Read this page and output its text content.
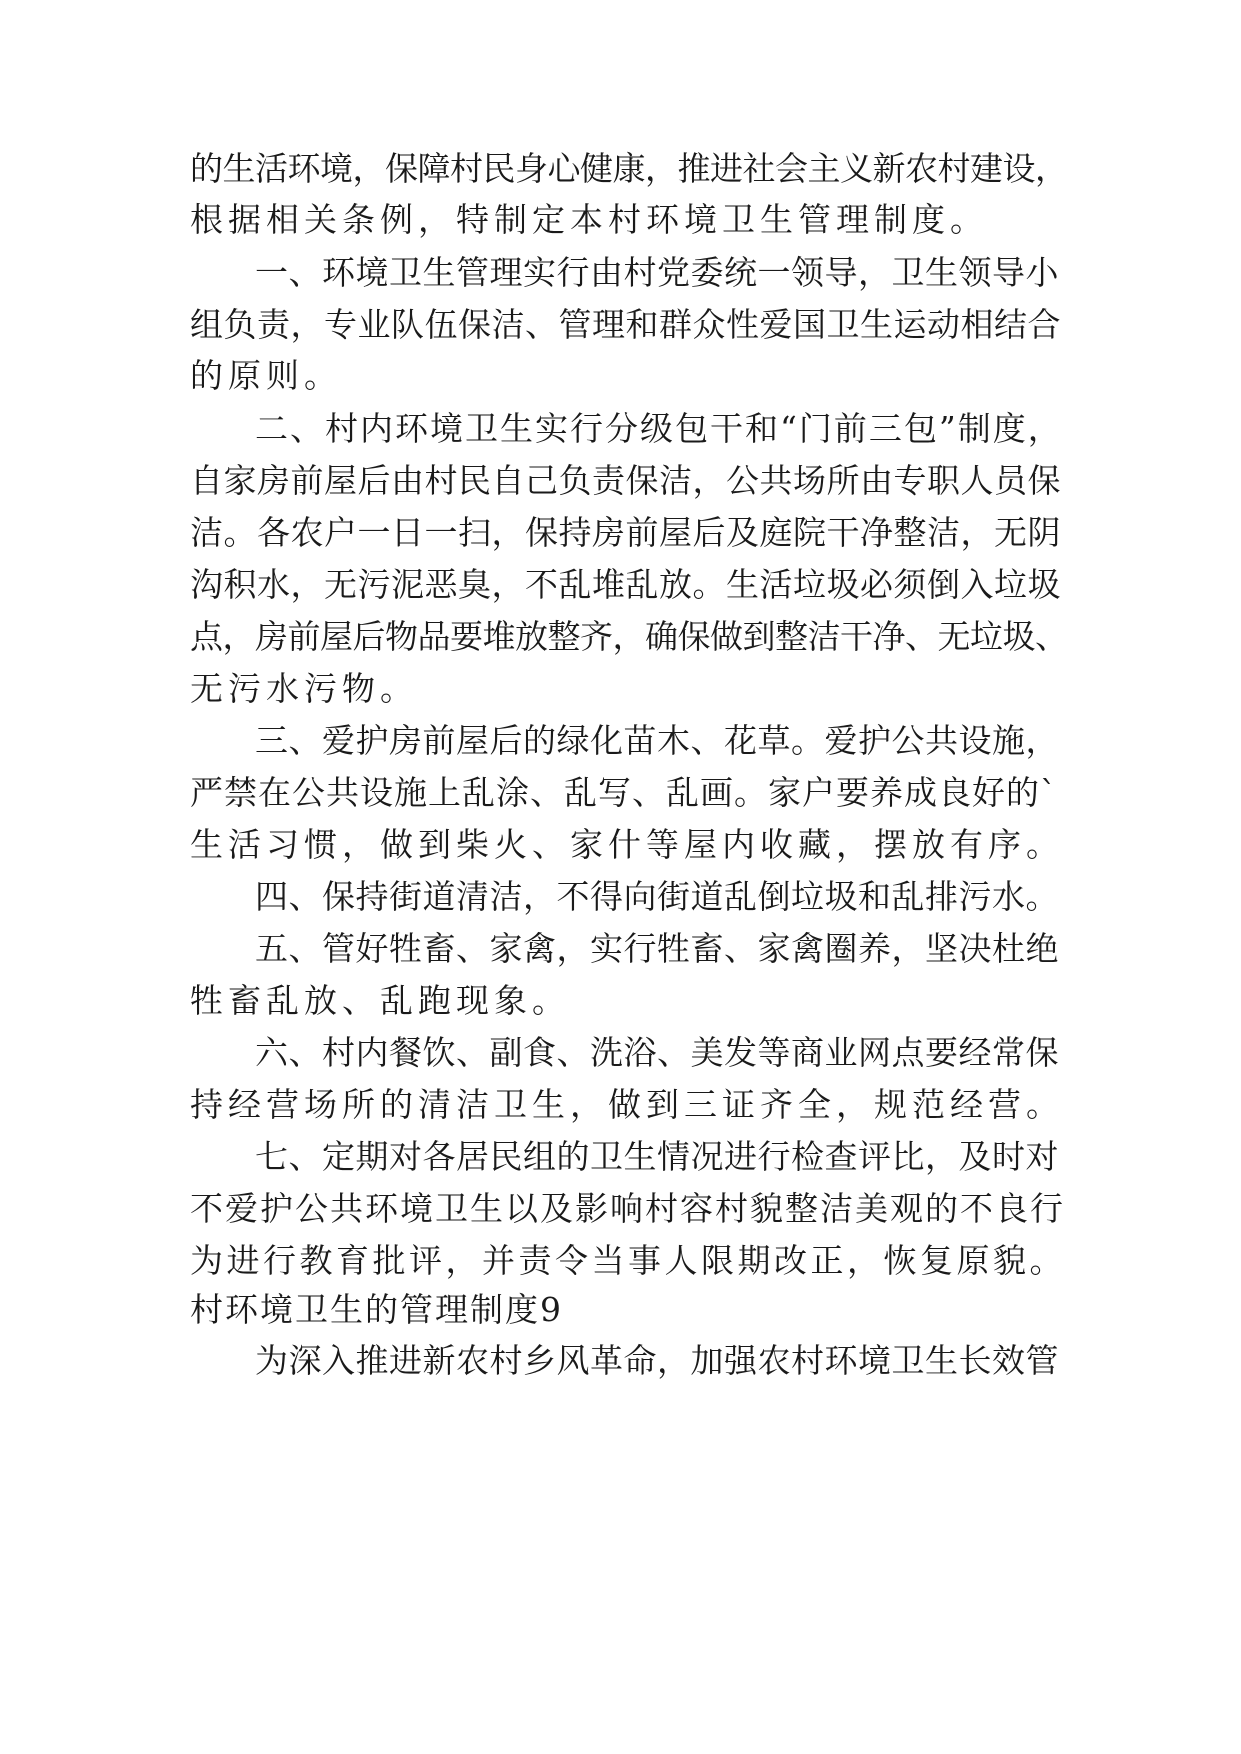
的生活环境，保障村民身心健康，推进社会主义新农村建设，
根据相关条例，特制定本村环境卫生管理制度。
一、环境卫生管理实行由村党委统一领导，卫生领导小
组负责，专业队伍保洁、管理和群众性爱国卫生运动相结合
的原则。
二、村内环境卫生实行分级包干和“门前三包”制度，
自家房前屋后由村民自己负责保洁，公共场所由专职人员保
洁。各农户一日一扫，保持房前屋后及庭院干净整洁，无阴
沟积水，无污泥恶臭，不乱堆乱放。生活垃圾必须倒入垃圾
点，房前屋后物品要堆放整齐，确保做到整洁干净、无垃圾、
无污水污物。
三、爱护房前屋后的绿化苗木、花草。爱护公共设施，
严禁在公共设施上乱涂、乱写、乱画。家户要养成良好的`
生活习惯，做到柴火、家什等屋内收藏，摆放有序。
四、保持街道清洁，不得向街道乱倒垃圾和乱排污水。
五、管好牲畜、家禽，实行牲畜、家禽圈养，坚决杜绝
牲畜乱放、乱跑现象。
六、村内餐饮、副食、洗浴、美发等商业网点要经常保
持经营场所的清洁卫生，做到三证齐全，规范经营。
七、定期对各居民组的卫生情况进行检查评比，及时对
不爱护公共环境卫生以及影响村容村貌整洁美观的不良行
为进行教育批评，并责令当事人限期改正，恢复原貌。
村环境卫生的管理制度9
为深入推进新农村乡风革命，加强农村环境卫生长效管
